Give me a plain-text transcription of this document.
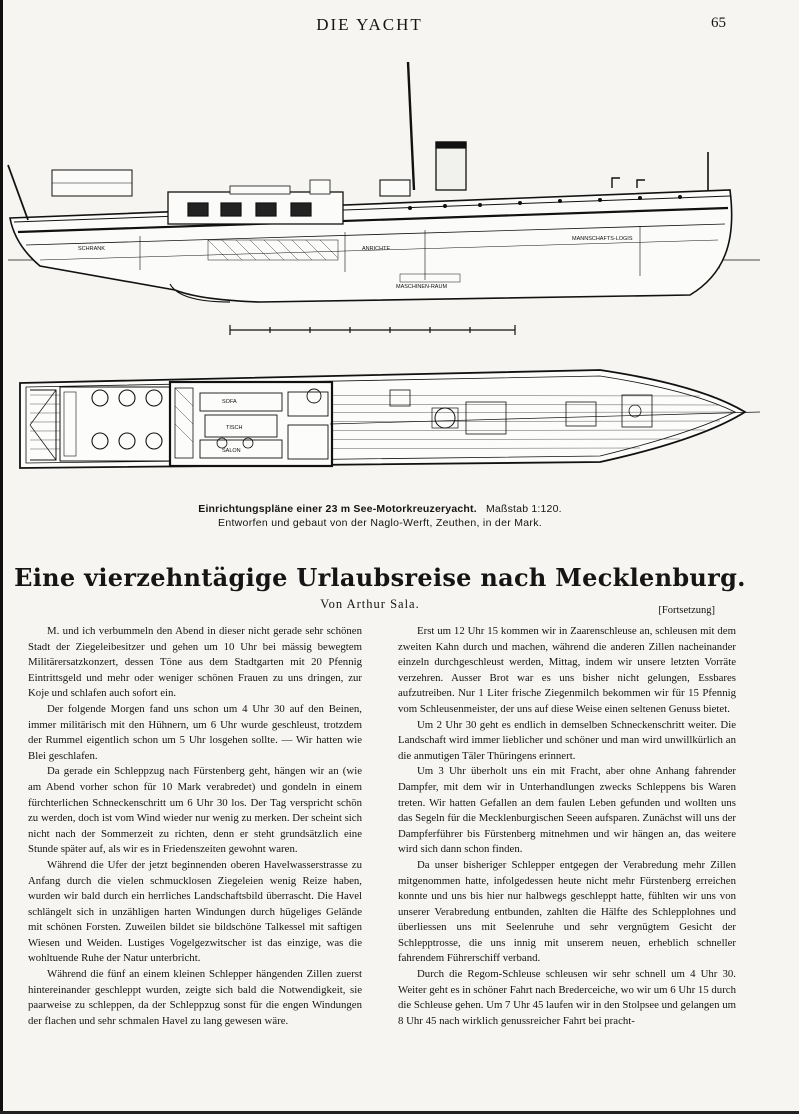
DIE YACHT	65
SCHRANK
MASCHINEN-RAUM
MANNSCHAFTS-LOGIS
ANRICHTE
SOFA
TISCH
SALON
Einrichtungspläne einer 23 m See-Motorkreuzeryacht. Maßstab 1:120.
Entworfen und gebaut von der Naglo-Werft, Zeuthen, in der Mark.
Eine vierzehntägige Urlaubsreise nach Mecklenburg.
Von Arthur Sala.	[Fortsetzung]

M. und ich verbummeln den Abend in dieser nicht gerade sehr schönen Stadt der Ziegeleibesitzer und gehen um 10 Uhr bei mässig bewegtem Militärersatzkonzert, dessen Töne aus dem Stadtgarten mit 20 Pfennig Eintrittsgeld und mehr oder weniger schönen Frauen zu uns dringen, zur Koje und schlafen auch sofort ein.

Der folgende Morgen fand uns schon um 4 Uhr 30 auf den Beinen, immer militärisch mit den Hühnern, um 6 Uhr wurde geschleust, trotzdem der Rummel eigentlich schon um 5 Uhr losgehen sollte. — Wir hatten wie Blei geschlafen.

Da gerade ein Schleppzug nach Fürstenberg geht, hängen wir an (wie am Abend vorher schon für 10 Mark verabredet) und gondeln in einem fürchterlichen Schneckenschritt um 6 Uhr 30 los. Der Tag verspricht schön zu werden, doch ist vom Wind wieder nur wenig zu merken. Der scheint sich nicht nach der Sommerzeit zu richten, denn er steht grundsätzlich eine Stunde später auf, als wir es in Friedenszeiten gewohnt waren.

Während die Ufer der jetzt beginnenden oberen Havelwasserstrasse zu Anfang durch die vielen schmucklosen Ziegeleien wenig Reize haben, wurden wir bald durch ein herrliches Landschaftsbild überrascht. Die Havel schlängelt sich in unzähligen harten Windungen durch hügeliges Gelände mit schönen Forsten. Zuweilen bildet sie bildschöne Talkessel mit saftigen Wiesen und Weiden. Lustiges Vogelgezwitscher ist das einzige, was die wohltuende Ruhe der Natur unterbricht.

Während die fünf an einem kleinen Schlepper hängenden Zillen zuerst hintereinander geschleppt wurden, zeigte sich bald die Notwendigkeit, sie paarweise zu schleppen, da der Schleppzug sonst für die engen Windungen der flachen und sehr schmalen Havel zu lang gewesen wäre.

Erst um 12 Uhr 15 kommen wir in Zaarenschleuse an, schleusen mit dem zweiten Kahn durch und machen, während die anderen Zillen nacheinander einzeln durchgeschleust werden, Mittag, indem wir unsere letzten Vorräte verzehren. Ausser Brot war es uns bisher nicht gelungen, Essbares aufzutreiben. Nur 1 Liter frische Ziegenmilch bekommen wir für 15 Pfennig vom Schleusenmeister, der uns auf diese Weise einen seltenen Genuss bietet.

Um 2 Uhr 30 geht es endlich in demselben Schneckenschritt weiter. Die Landschaft wird immer lieblicher und schöner und man wird unwillkürlich an die anmutigen Täler Thüringens erinnert.

Um 3 Uhr überholt uns ein mit Fracht, aber ohne Anhang fahrender Dampfer, mit dem wir in Unterhandlungen zwecks Schleppens bis Waren treten. Wir hatten Gefallen an dem faulen Leben gefunden und wollten uns das Segeln für die Mecklenburgischen Seeen aufsparen. Zunächst will uns der Dampferführer bis Fürstenberg mitnehmen und wir hängen an, das weitere wird sich dann schon finden.

Da unser bisheriger Schlepper entgegen der Verabredung mehr Zillen mitgenommen hatte, infolgedessen heute nicht mehr Fürstenberg erreichen konnte und uns bis hier nur halbwegs geschleppt hatte, fühlten wir uns von unserer Verabredung entbunden, zahlten die Hälfte des Schlepplohnes und überliessen uns mit Seelenruhe und sehr vergnügtem Gesicht der Schlepptrosse, die uns innig mit unserem neuen, erheblich schneller fahrendem Führerschiff verband.

Durch die Regom-Schleuse schleusen wir sehr schnell um 4 Uhr 30. Weiter geht es in schöner Fahrt nach Brederceiche, wo wir um 6 Uhr 15 durch die Schleuse gehen. Um 7 Uhr 45 laufen wir in den Stolpsee und gelangen um 8 Uhr 45 nach wirklich genussreicher Fahrt bei pracht-
